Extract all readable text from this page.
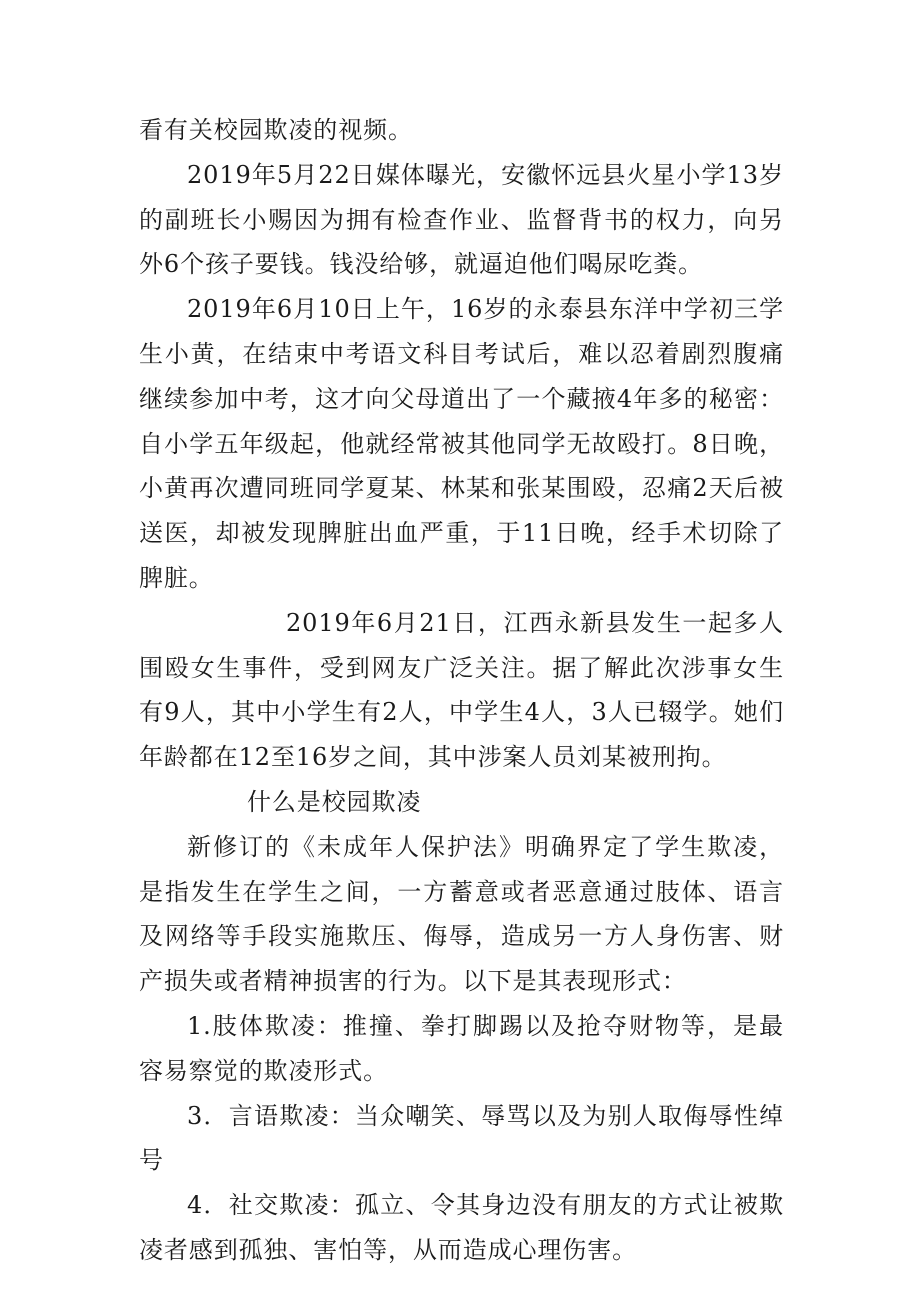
看有关校园欺凌的视频。

2019年5月22日媒体曝光，安徽怀远县火星小学13岁的副班长小赐因为拥有检查作业、监督背书的权力，向另外6个孩子要钱。钱没给够，就逼迫他们喝尿吃粪。

2019年6月10日上午，16岁的永泰县东洋中学初三学生小黄，在结束中考语文科目考试后，难以忍着剧烈腹痛继续参加中考，这才向父母道出了一个藏掖4年多的秘密：自小学五年级起，他就经常被其他同学无故殴打。8日晚，小黄再次遭同班同学夏某、林某和张某围殴，忍痛2天后被送医，却被发现脾脏出血严重，于11日晚，经手术切除了脾脏。

2019年6月21日，江西永新县发生一起多人围殴女生事件，受到网友广泛关注。据了解此次涉事女生有9人，其中小学生有2人，中学生4人，3人已辍学。她们年龄都在12至16岁之间，其中涉案人员刘某被刑拘。

什么是校园欺凌

新修订的《未成年人保护法》明确界定了学生欺凌，是指发生在学生之间，一方蓄意或者恶意通过肢体、语言及网络等手段实施欺压、侮辱，造成另一方人身伤害、财产损失或者精神损害的行为。以下是其表现形式：

1.肢体欺凌：推撞、拳打脚踢以及抢夺财物等，是最容易察觉的欺凌形式。

3．言语欺凌：当众嘲笑、辱骂以及为别人取侮辱性绰号

4．社交欺凌：孤立、令其身边没有朋友的方式让被欺凌者感到孤独、害怕等，从而造成心理伤害。
